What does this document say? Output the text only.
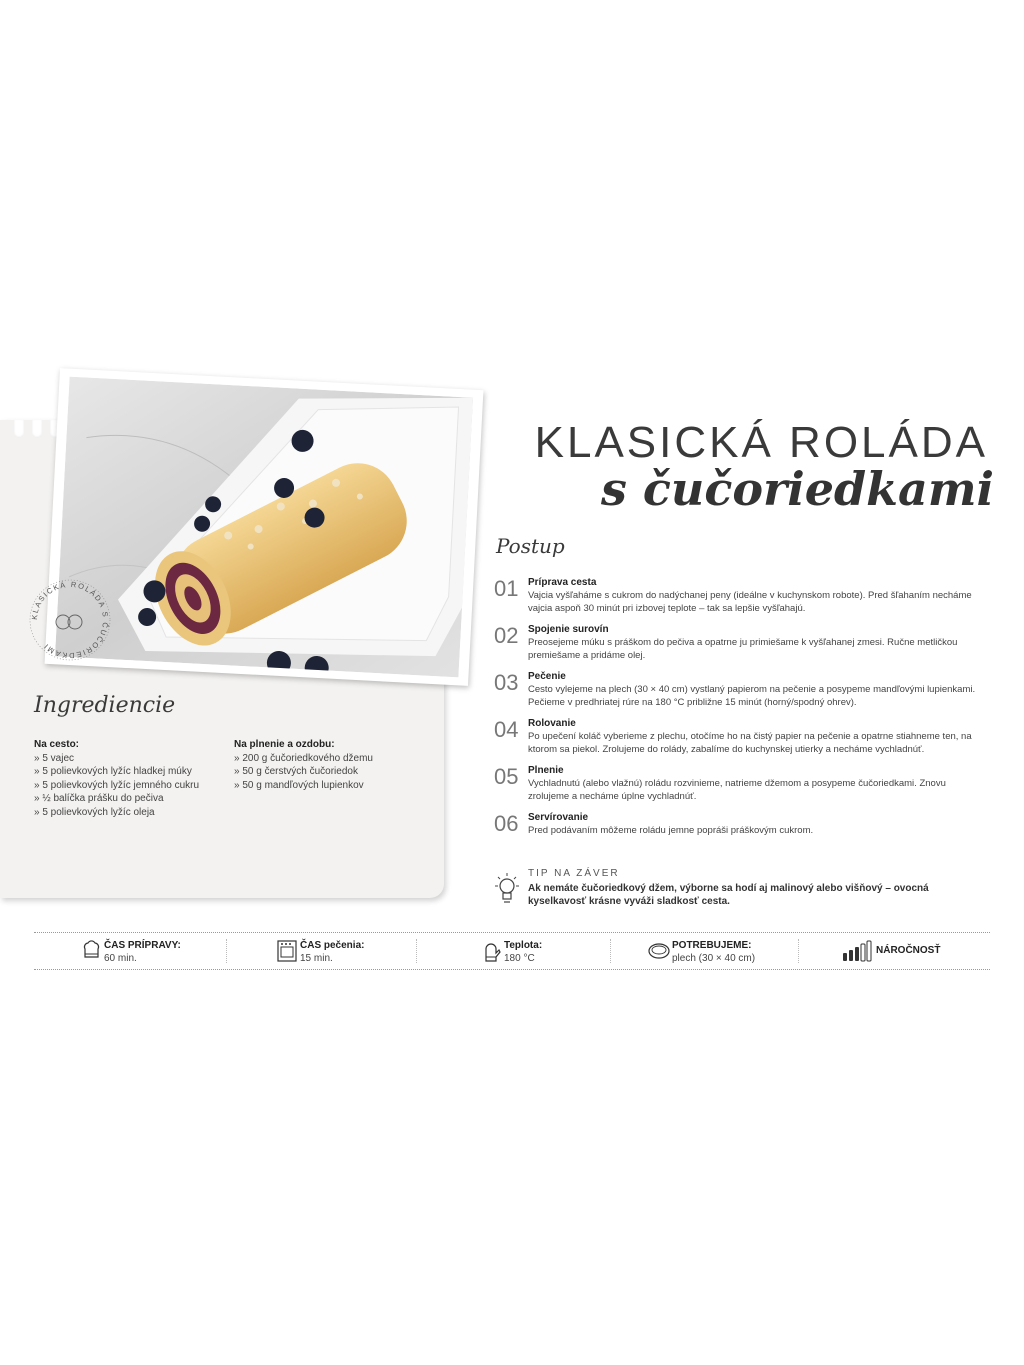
KLASICKÁ ROLÁDA S ČUČORIEDKAMI
Ingrediencie
Na cesto:
» 5 vajec
» 5 polievkových lyžíc hladkej múky
» 5 polievkových lyžíc jemného cukru
» ½ balíčka prášku do pečiva
» 5 polievkových lyžíc oleja
Na plnenie a ozdobu:
» 200 g čučoriedkového džemu
» 50 g čerstvých čučoriedok
» 50 g mandľových lupienkov
KLASICKÁ ROLÁDA
s čučoriedkami
Postup
01 Príprava cesta
Vajcia vyšľaháme s cukrom do nadýchanej peny (ideálne v kuchynskom robote). Pred šľahaním necháme vajcia aspoň 30 minút pri izbovej teplote – tak sa lepšie vyšľahajú.
02 Spojenie surovín
Preosejeme múku s práškom do pečiva a opatrne ju primiešame k vyšľahanej zmesi. Ručne metličkou premiešame a pridáme olej.
03 Pečenie
Cesto vylejeme na plech (30 × 40 cm) vystlaný papierom na pečenie a posypeme mandľovými lupienkami. Pečieme v predhriatej rúre na 180 °C približne 15 minút (horný/spodný ohrev).
04 Rolovanie
Po upečení koláč vyberieme z plechu, otočíme ho na čistý papier na pečenie a opatrne stiahneme ten, na ktorom sa piekol. Zrolujeme do rolády, zabalíme do kuchynskej utierky a necháme vychladnúť.
05 Plnenie
Vychladnutú (alebo vlažnú) roládu rozvinieme, natrieme džemom a posypeme čučoriedkami. Znovu zrolujeme a necháme úplne vychladnúť.
06 Servírovanie
Pred podávaním môžeme roládu jemne popráši práškovým cukrom.
TIP NA ZÁVER
Ak nemáte čučoriedkový džem, výborne sa hodí aj malinový alebo višňový – ovocná kyselkavosť krásne vyváži sladkosť cesta.
ČAS PRÍPRAVY:
60 min.
ČAS pečenia:
15 min.
Teplota:
180 °C
POTREBUJEME:
plech (30 × 40 cm)
NÁROČNOSŤ
